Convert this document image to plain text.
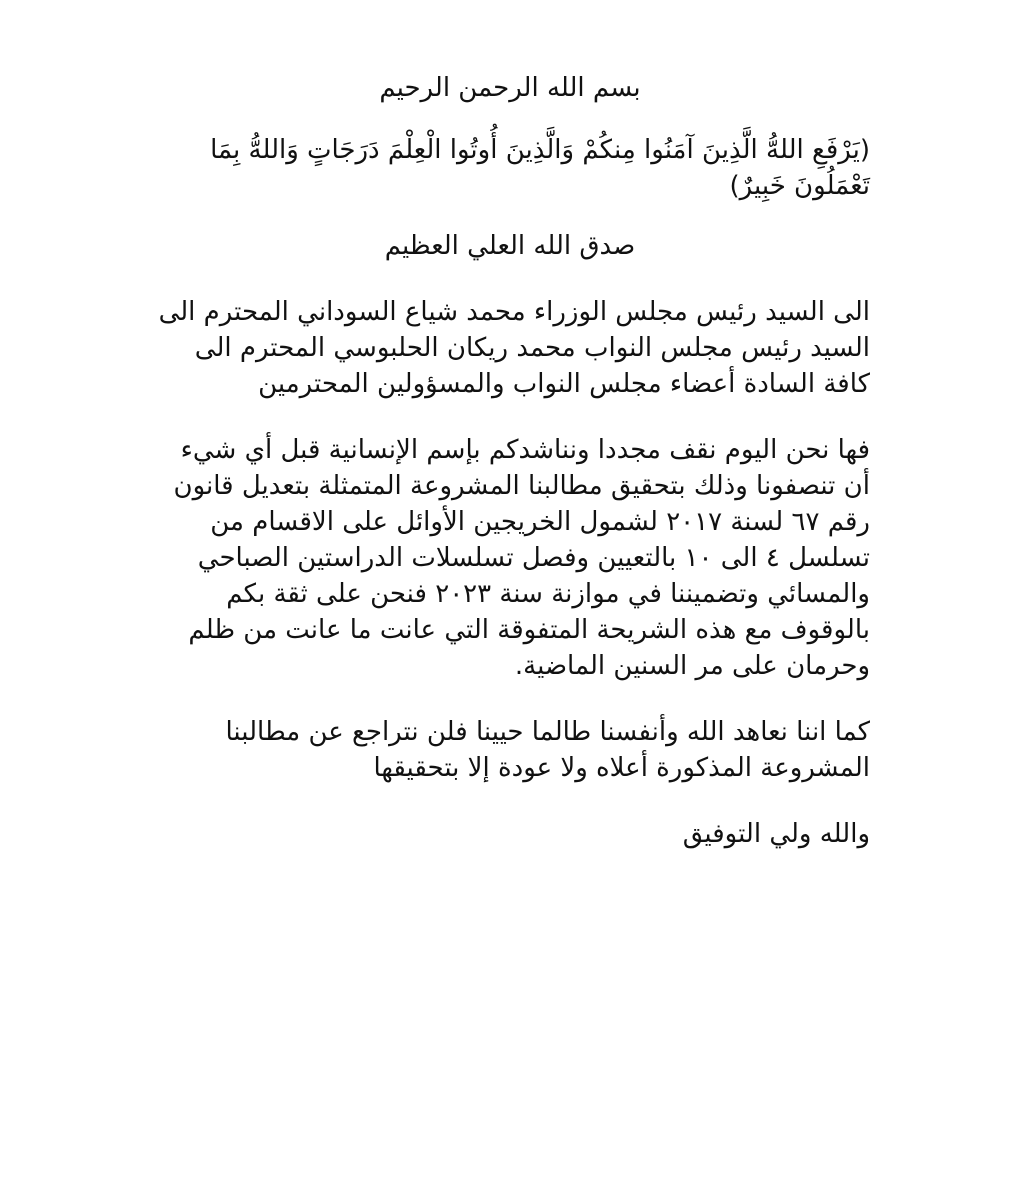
بسم الله الرحمن الرحيم

(يَرْفَعِ اللهُّ الَّذِينَ آمَنُوا مِنكُمْ وَالَّذِينَ أُوتُوا الْعِلْمَ دَرَجَاتٍ وَاللهُّ بِمَا تَعْمَلُونَ خَبِيرٌ)

صدق الله العلي العظيم

الى السيد رئيس مجلس الوزراء محمد شياع السوداني المحترم الى السيد رئيس مجلس النواب محمد ريكان الحلبوسي المحترم الى كافة السادة أعضاء مجلس النواب والمسؤولين المحترمين

فها نحن اليوم نقف مجددا ونناشدكم بإسم الإنسانية قبل أي شيء أن تنصفونا وذلك بتحقيق مطالبنا المشروعة المتمثلة بتعديل قانون رقم ٦٧ لسنة ٢٠١٧ لشمول الخريجين الأوائل على الاقسام من تسلسل ٤ الى ١٠ بالتعيين وفصل تسلسلات الدراستين الصباحي والمسائي وتضميننا في موازنة سنة ٢٠٢٣ فنحن على ثقة بكم بالوقوف مع هذه الشريحة المتفوقة التي عانت ما عانت من ظلم وحرمان على مر السنين الماضية.

كما اننا نعاهد الله وأنفسنا طالما حيينا فلن نتراجع عن مطالبنا المشروعة المذكورة أعلاه ولا عودة إلا بتحقيقها

والله ولي التوفيق
